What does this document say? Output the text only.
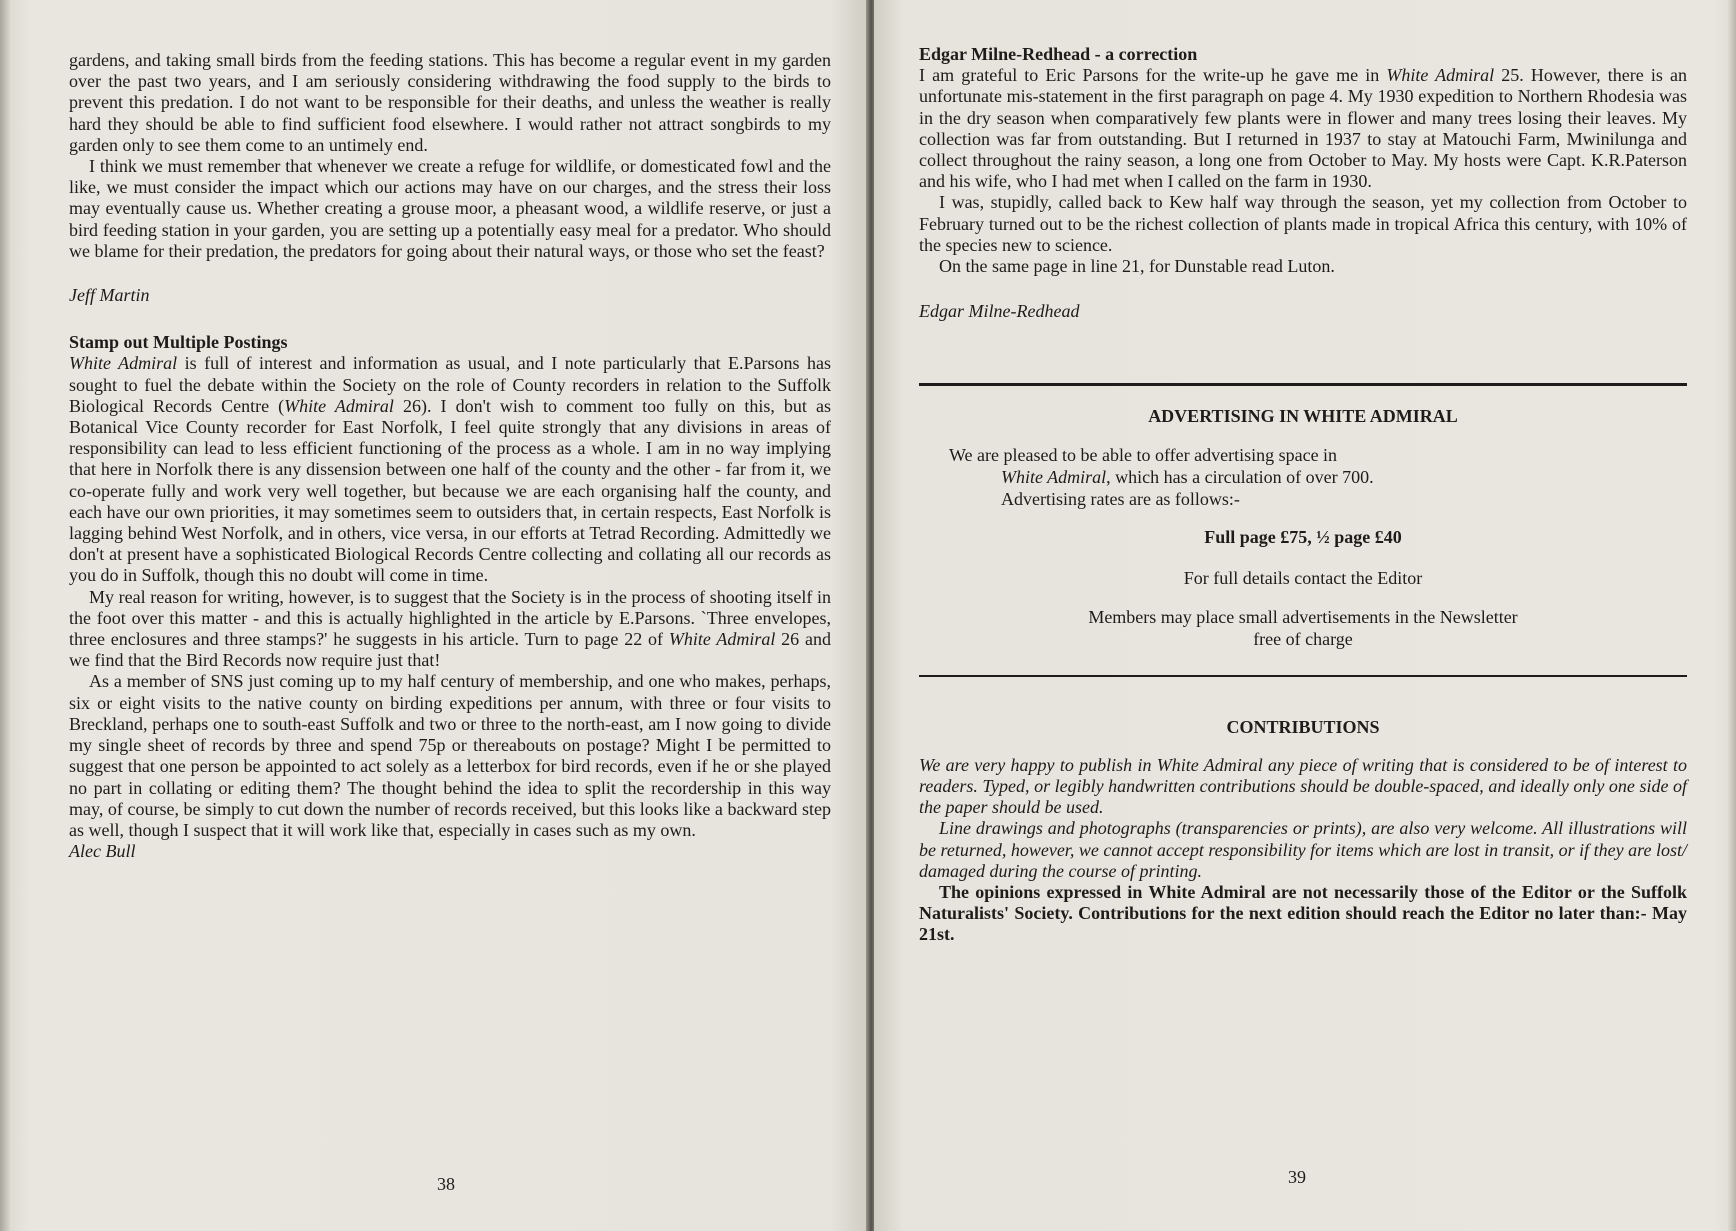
gardens, and taking small birds from the feeding stations. This has become a regular event in my garden over the past two years, and I am seriously considering withdrawing the food supply to the birds to prevent this predation. I do not want to be responsible for their deaths, and unless the weather is really hard they should be able to find sufficient food elsewhere. I would rather not attract songbirds to my garden only to see them come to an untimely end.

I think we must remember that whenever we create a refuge for wildlife, or domesticated fowl and the like, we must consider the impact which our actions may have on our charges, and the stress their loss may eventually cause us. Whether creating a grouse moor, a pheasant wood, a wildlife reserve, or just a bird feeding station in your garden, you are setting up a potentially easy meal for a predator. Who should we blame for their predation, the predators for going about their natural ways, or those who set the feast?

Jeff Martin

Stamp out Multiple Postings

White Admiral is full of interest and information as usual, and I note particularly that E.Parsons has sought to fuel the debate within the Society on the role of County recorders in relation to the Suffolk Biological Records Centre (White Admiral 26). I don't wish to comment too fully on this, but as Botanical Vice County recorder for East Norfolk, I feel quite strongly that any divisions in areas of responsibility can lead to less efficient functioning of the process as a whole. I am in no way implying that here in Norfolk there is any dissension between one half of the county and the other - far from it, we co-operate fully and work very well together, but because we are each organising half the county, and each have our own priorities, it may sometimes seem to outsiders that, in certain respects, East Norfolk is lagging behind West Norfolk, and in others, vice versa, in our efforts at Tetrad Recording. Admittedly we don't at present have a sophisticated Biological Records Centre collecting and collating all our records as you do in Suffolk, though this no doubt will come in time.

My real reason for writing, however, is to suggest that the Society is in the process of shooting itself in the foot over this matter - and this is actually highlighted in the article by E.Parsons. `Three envelopes, three enclosures and three stamps?' he suggests in his article. Turn to page 22 of White Admiral 26 and we find that the Bird Records now require just that!

As a member of SNS just coming up to my half century of membership, and one who makes, perhaps, six or eight visits to the native county on birding expeditions per annum, with three or four visits to Breckland, perhaps one to south-east Suffolk and two or three to the north-east, am I now going to divide my single sheet of records by three and spend 75p or thereabouts on postage? Might I be permitted to suggest that one person be appointed to act solely as a letterbox for bird records, even if he or she played no part in collating or editing them? The thought behind the idea to split the recordership in this way may, of course, be simply to cut down the number of records received, but this looks like a backward step as well, though I suspect that it will work like that, especially in cases such as my own.

Alec Bull

38

Edgar Milne-Redhead - a correction

I am grateful to Eric Parsons for the write-up he gave me in White Admiral 25. However, there is an unfortunate mis-statement in the first paragraph on page 4. My 1930 expedition to Northern Rhodesia was in the dry season when comparatively few plants were in flower and many trees losing their leaves. My collection was far from outstanding. But I returned in 1937 to stay at Matouchi Farm, Mwinilunga and collect throughout the rainy season, a long one from October to May. My hosts were Capt. K.R.Paterson and his wife, who I had met when I called on the farm in 1930.

I was, stupidly, called back to Kew half way through the season, yet my collection from October to February turned out to be the richest collection of plants made in tropical Africa this century, with 10% of the species new to science.

On the same page in line 21, for Dunstable read Luton.

Edgar Milne-Redhead

ADVERTISING IN WHITE ADMIRAL

We are pleased to be able to offer advertising space in

White Admiral, which has a circulation of over 700.

Advertising rates are as follows:-

Full page £75, ½ page £40

For full details contact the Editor

Members may place small advertisements in the Newsletter

free of charge

CONTRIBUTIONS

We are very happy to publish in White Admiral any piece of writing that is considered to be of interest to readers. Typed, or legibly handwritten contributions should be double-spaced, and ideally only one side of the paper should be used.

Line drawings and photographs (transparencies or prints), are also very welcome. All illustrations will be returned, however, we cannot accept responsibility for items which are lost in transit, or if they are lost/ damaged during the course of printing.

The opinions expressed in White Admiral are not necessarily those of the Editor or the Suffolk Naturalists' Society. Contributions for the next edition should reach the Editor no later than:- May 21st.

39
